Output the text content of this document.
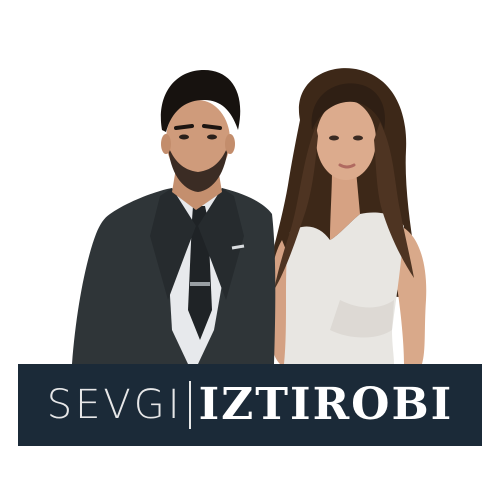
SEVGI IZTIROBI
